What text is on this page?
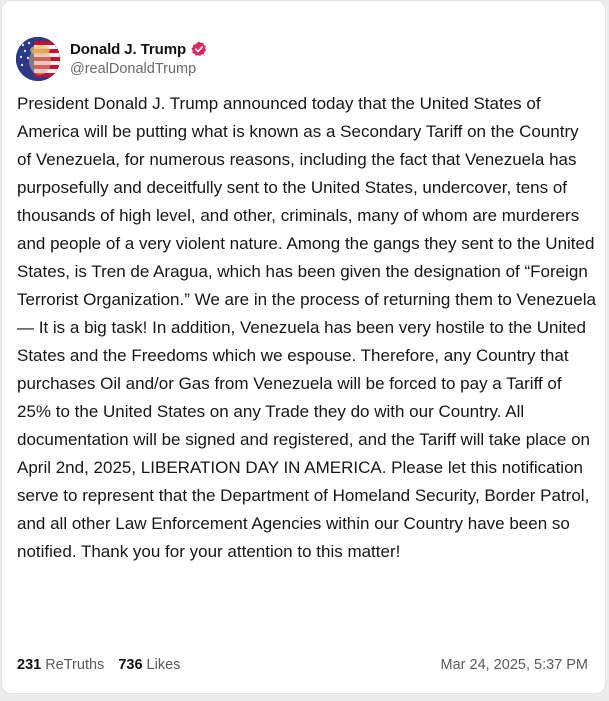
Donald J. Trump
@realDonaldTrump
President Donald J. Trump announced today that the United States of America will be putting what is known as a Secondary Tariff on the Country of Venezuela, for numerous reasons, including the fact that Venezuela has purposefully and deceitfully sent to the United States, undercover, tens of thousands of high level, and other, criminals, many of whom are murderers and people of a very violent nature. Among the gangs they sent to the United States, is Tren de Aragua, which has been given the designation of “Foreign Terrorist Organization.” We are in the process of returning them to Venezuela — It is a big task! In addition, Venezuela has been very hostile to the United States and the Freedoms which we espouse. Therefore, any Country that purchases Oil and/or Gas from Venezuela will be forced to pay a Tariff of 25% to the United States on any Trade they do with our Country. All documentation will be signed and registered, and the Tariff will take place on April 2nd, 2025, LIBERATION DAY IN AMERICA. Please let this notification serve to represent that the Department of Homeland Security, Border Patrol, and all other Law Enforcement Agencies within our Country have been so notified. Thank you for your attention to this matter!
231 ReTruths 736 Likes	Mar 24, 2025, 5:37 PM
